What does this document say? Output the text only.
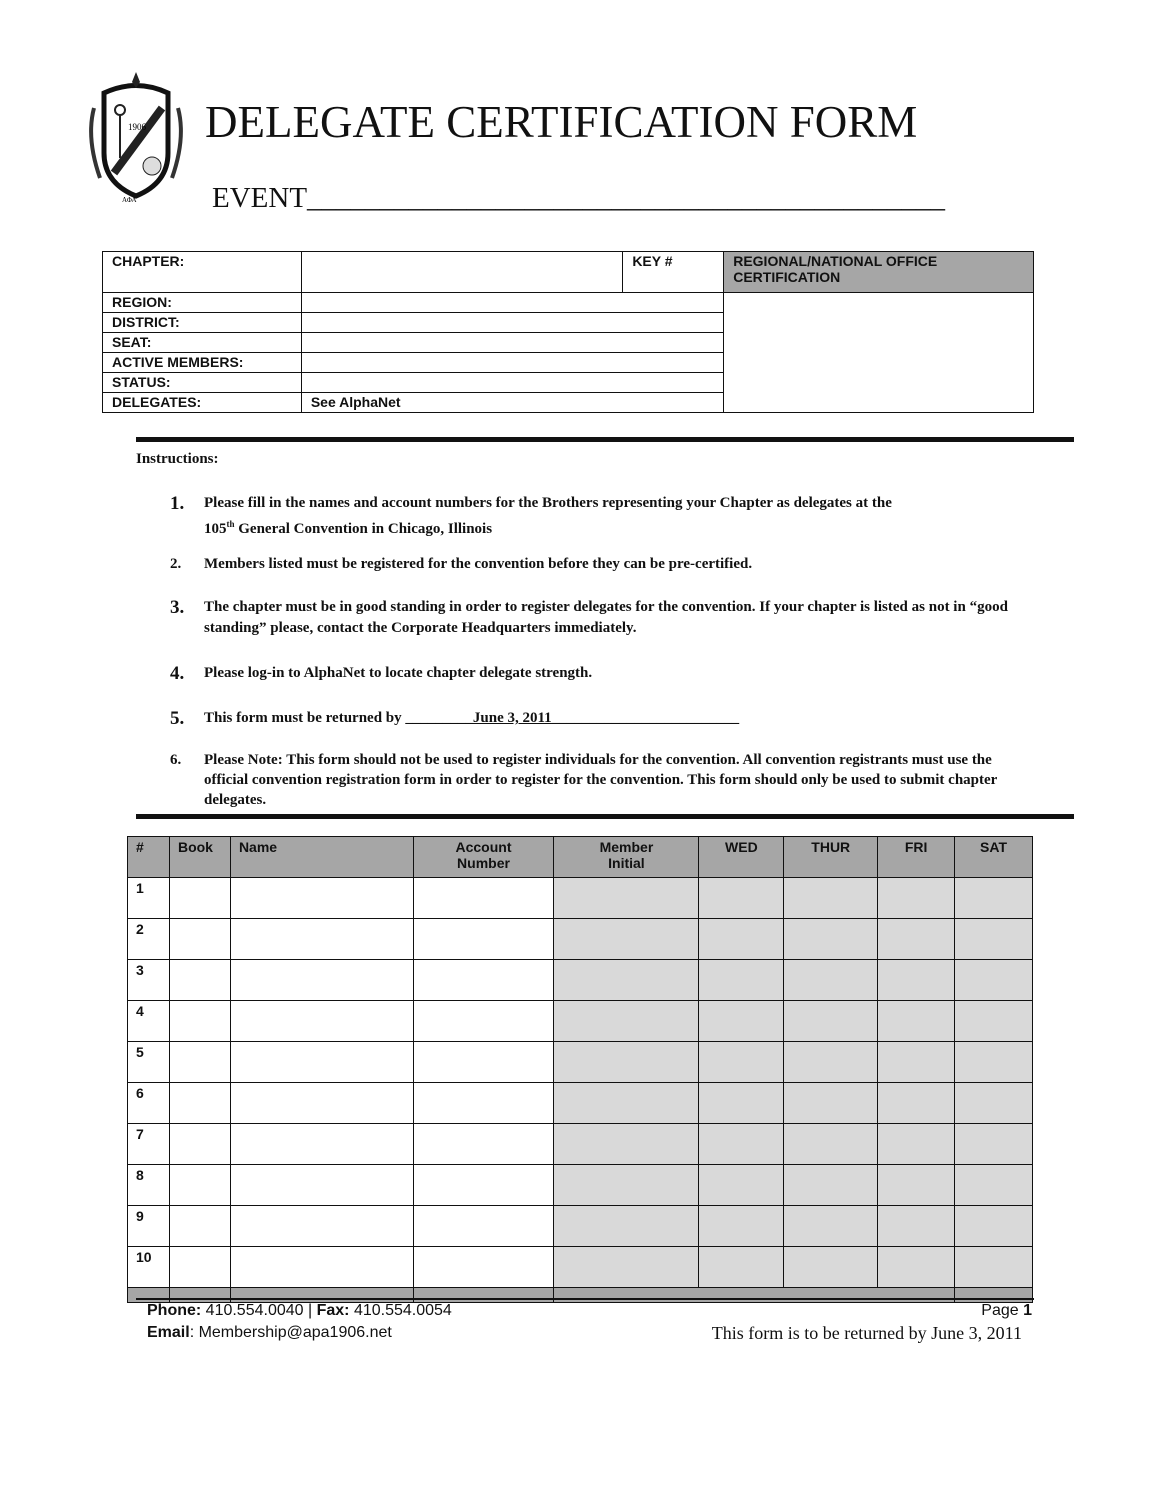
1906
ΑΦΑ
DELEGATE CERTIFICATION FORM
EVENT____________________________________________
CHAPTER:		KEY #	REGIONAL/NATIONAL OFFICE CERTIFICATION
REGION:			
DISTRICT:			
SEAT:			
ACTIVE MEMBERS:			
STATUS:			
DELEGATES:	See AlphaNet		
Instructions:
1.	Please fill in the names and account numbers for the Brothers representing your Chapter as delegates at the
105th General Convention in Chicago, Illinois
2.	Members listed must be registered for the convention before they can be pre-certified.
3.	The chapter must be in good standing in order to register delegates for the convention. If your chapter is listed as not in “good standing” please, contact the Corporate Headquarters immediately.
4.	Please log-in to AlphaNet to locate chapter delegate strength.
5.	This form must be returned by _________June 3, 2011_________________________
6.	Please Note: This form should not be used to register individuals for the convention. All convention registrants must use the official convention registration form in order to register for the convention. This form should only be used to submit chapter delegates.
#	Book	Name	Account Number	Member Initial	WED	THUR	FRI	SAT
1								
2								
3								
4								
5								
6								
7								
8								
9								
10								

Phone: 410.554.0040 | Fax: 410.554.0054
Email: Membership@apa1906.net
Page 1
This form is to be returned by June 3, 2011
